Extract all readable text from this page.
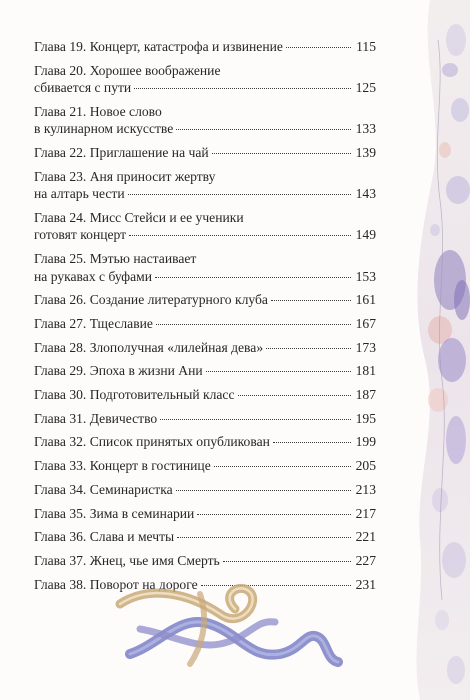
Глава 19. Концерт, катастрофа и извинение	115
Глава 20. Хорошее воображение
сбивается с пути	125
Глава 21. Новое слово
в кулинарном искусстве	133
Глава 22. Приглашение на чай	139
Глава 23. Аня приносит жертву
на алтарь чести	143
Глава 24. Мисс Стейси и ее ученики
готовят концерт	149
Глава 25. Мэтью настаивает
на рукавах с буфами	153
Глава 26. Создание литературного клуба	161
Глава 27. Тщеславие	167
Глава 28. Злополучная «лилейная дева»	173
Глава 29. Эпоха в жизни Ани	181
Глава 30. Подготовительный класс	187
Глава 31. Девичество	195
Глава 32. Список принятых опубликован	199
Глава 33. Концерт в гостинице	205
Глава 34. Семинаристка	213
Глава 35. Зима в семинарии	217
Глава 36. Слава и мечты	221
Глава 37. Жнец, чье имя Смерть	227
Глава 38. Поворот на дороге	231
